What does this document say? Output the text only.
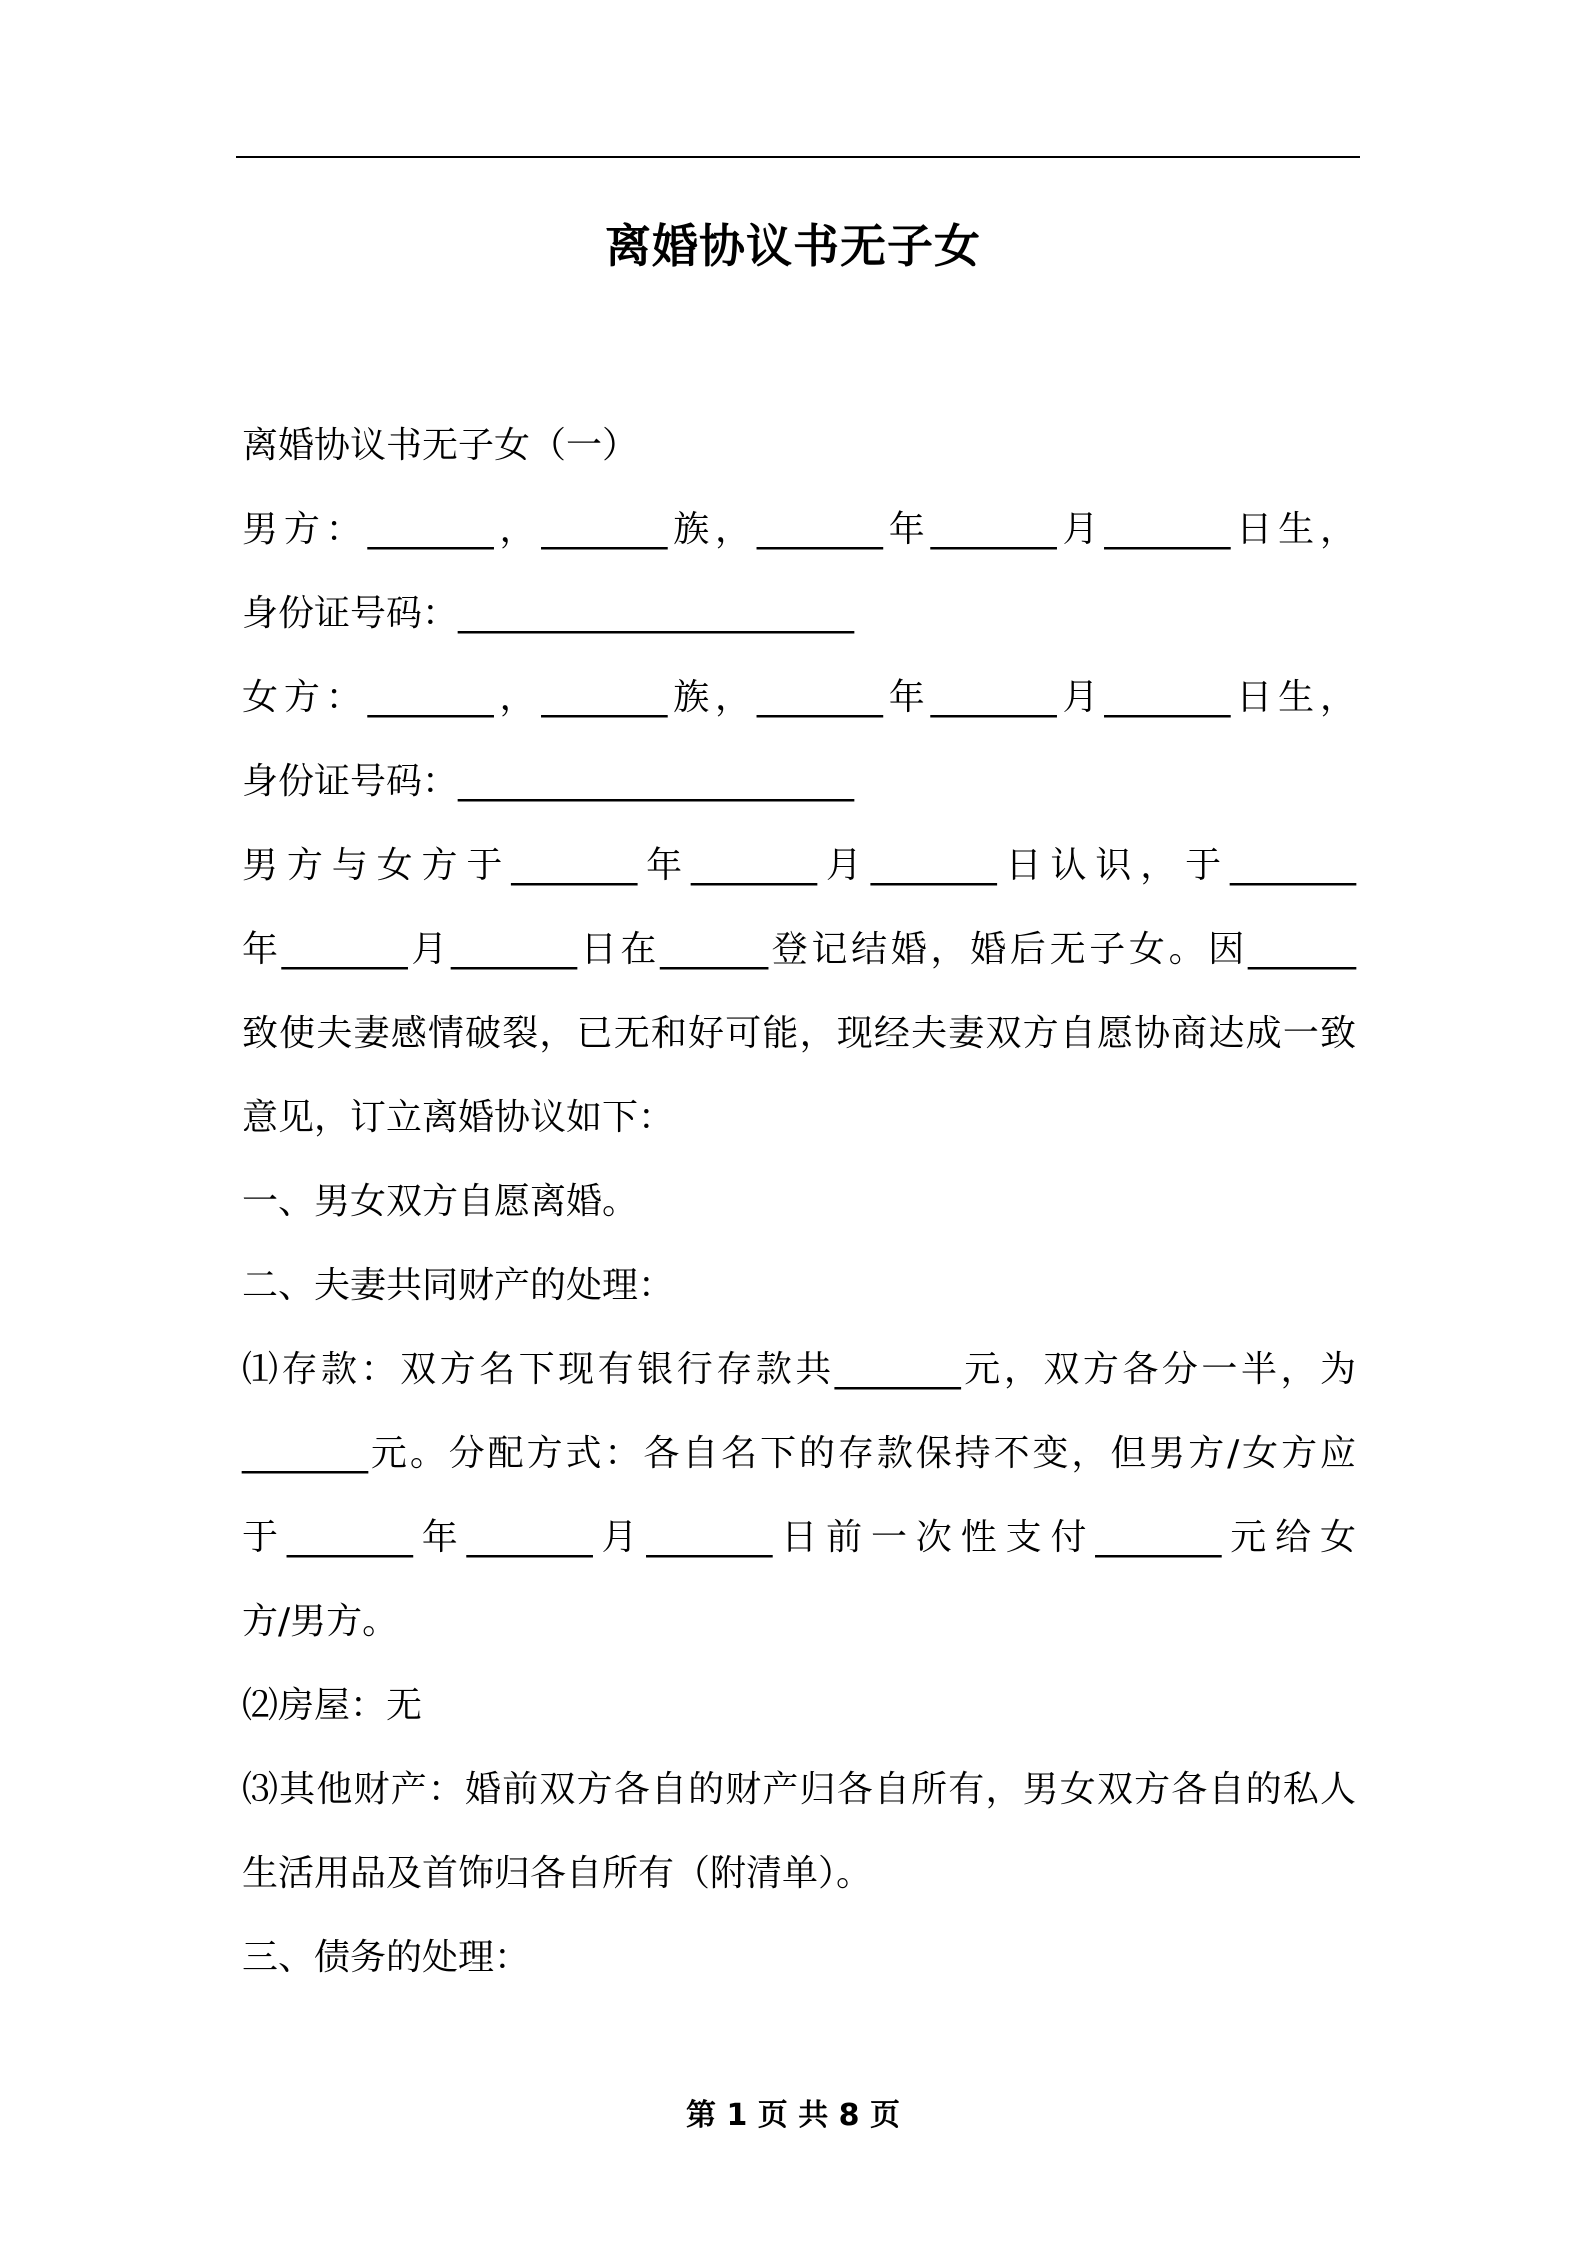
离婚协议书无子女
离婚协议书无子女（一）
男方：_______，_______族，_______年_______月_______日生，
身份证号码：______________________
女方：_______，_______族，_______年_______月_______日生，
身份证号码：______________________
男方与女方于_______年_______月_______日认识，于_______
年_______月_______日在______登记结婚，婚后无子女。因______
致使夫妻感情破裂，已无和好可能，现经夫妻双方自愿协商达成一致
意见，订立离婚协议如下：
一、男女双方自愿离婚。
二、夫妻共同财产的处理：
⑴存款：双方名下现有银行存款共_______元，双方各分一半，为
_______元。分配方式：各自名下的存款保持不变，但男方/女方应
于_______年_______月_______日前一次性支付_______元给女
方/男方。
⑵房屋：无
⑶其他财产：婚前双方各自的财产归各自所有，男女双方各自的私人
生活用品及首饰归各自所有（附清单）。
三、债务的处理：
第 1 页 共 8 页
